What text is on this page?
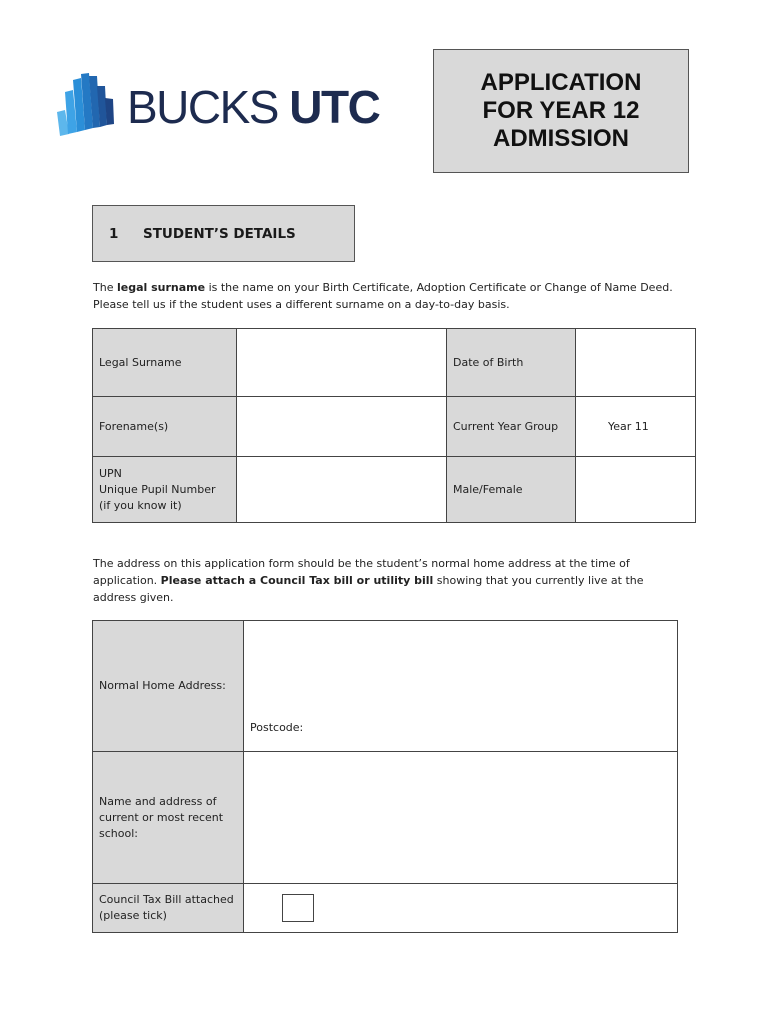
BUCKS UTC	APPLICATION
FOR YEAR 12
ADMISSION
1	STUDENT’S DETAILS
The legal surname is the name on your Birth Certificate, Adoption Certificate or Change of Name Deed. Please tell us if the student uses a different surname on a day-to-day basis.
Legal Surname		Date of Birth	
Forename(s)		Current Year Group	Year 11

UPN
Unique Pupil Number
(if you know it)		Male/Female	
The address on this application form should be the student’s normal home address at the time of application. Please attach a Council Tax bill or utility bill showing that you currently live at the address given.
Normal Home Address:	Postcode:

Name and address of current or most recent school:	
Council Tax Bill attached (please tick)	
